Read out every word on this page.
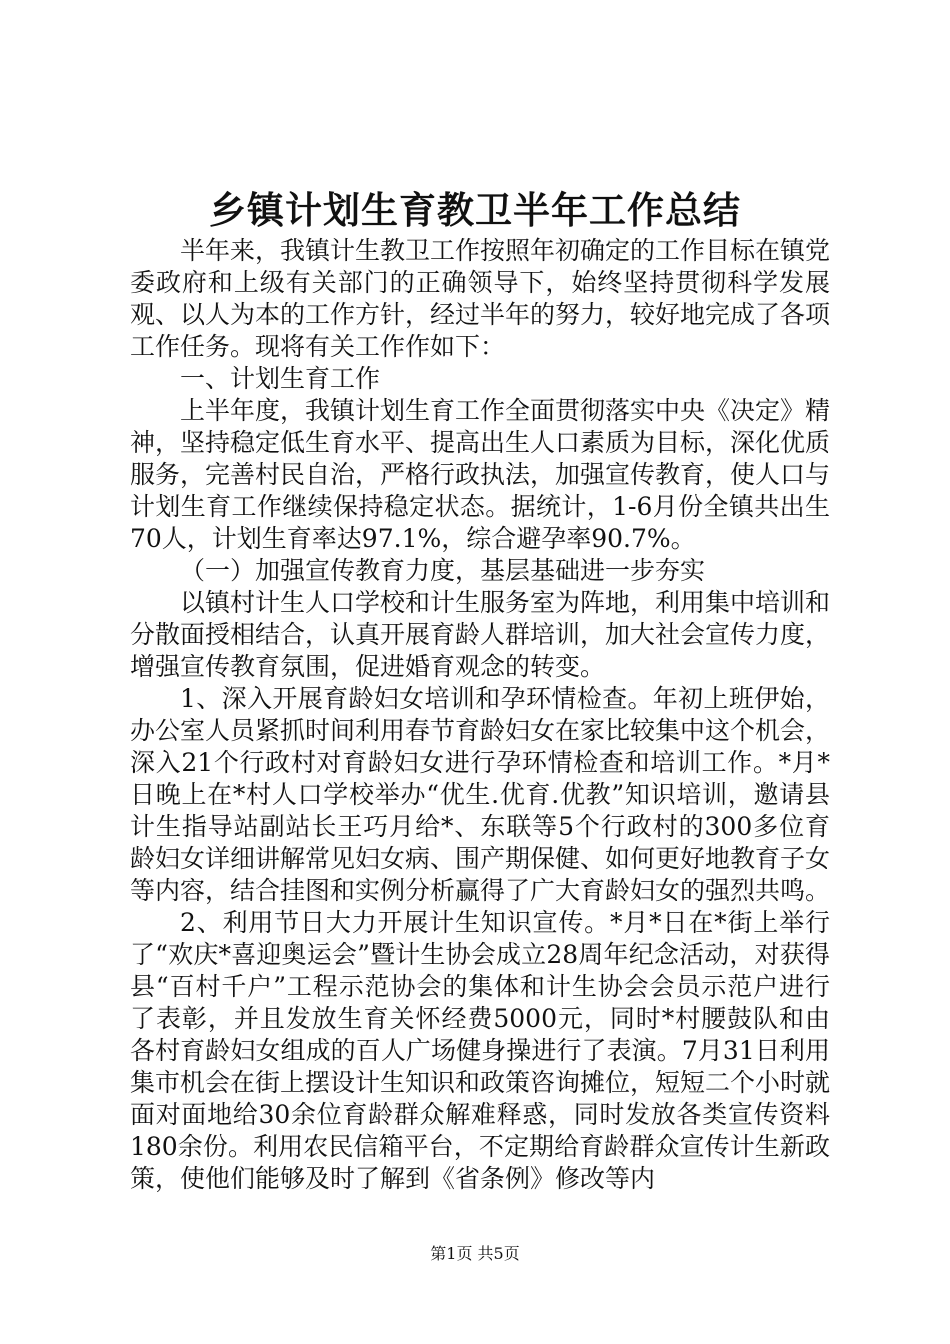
乡镇计划生育教卫半年工作总结

半年来，我镇计生教卫工作按照年初确定的工作目标在镇党委政府和上级有关部门的正确领导下，始终坚持贯彻科学发展观、以人为本的工作方针，经过半年的努力，较好地完成了各项工作任务。现将有关工作作如下：

一、计划生育工作

上半年度，我镇计划生育工作全面贯彻落实中央《决定》精神，坚持稳定低生育水平、提高出生人口素质为目标，深化优质服务，完善村民自治，严格行政执法，加强宣传教育，使人口与计划生育工作继续保持稳定状态。据统计，1-6月份全镇共出生70人，计划生育率达97.1%，综合避孕率90.7%。

（一）加强宣传教育力度，基层基础进一步夯实

以镇村计生人口学校和计生服务室为阵地，利用集中培训和分散面授相结合，认真开展育龄人群培训，加大社会宣传力度，增强宣传教育氛围，促进婚育观念的转变。

1、深入开展育龄妇女培训和孕环情检查。年初上班伊始，办公室人员紧抓时间利用春节育龄妇女在家比较集中这个机会，深入21个行政村对育龄妇女进行孕环情检查和培训工作。*月*日晚上在*村人口学校举办“优生.优育.优教”知识培训，邀请县计生指导站副站长王巧月给*、东联等5个行政村的300多位育龄妇女详细讲解常见妇女病、围产期保健、如何更好地教育子女等内容，结合挂图和实例分析赢得了广大育龄妇女的强烈共鸣。

2、利用节日大力开展计生知识宣传。*月*日在*街上举行了“欢庆*喜迎奥运会”暨计生协会成立28周年纪念活动，对获得县“百村千户”工程示范协会的集体和计生协会会员示范户进行了表彰，并且发放生育关怀经费5000元，同时*村腰鼓队和由各村育龄妇女组成的百人广场健身操进行了表演。7月31日利用集市机会在街上摆设计生知识和政策咨询摊位，短短二个小时就面对面地给30余位育龄群众解难释惑，同时发放各类宣传资料180余份。利用农民信箱平台，不定期给育龄群众宣传计生新政策，使他们能够及时了解到《省条例》修改等内

第1页 共5页
